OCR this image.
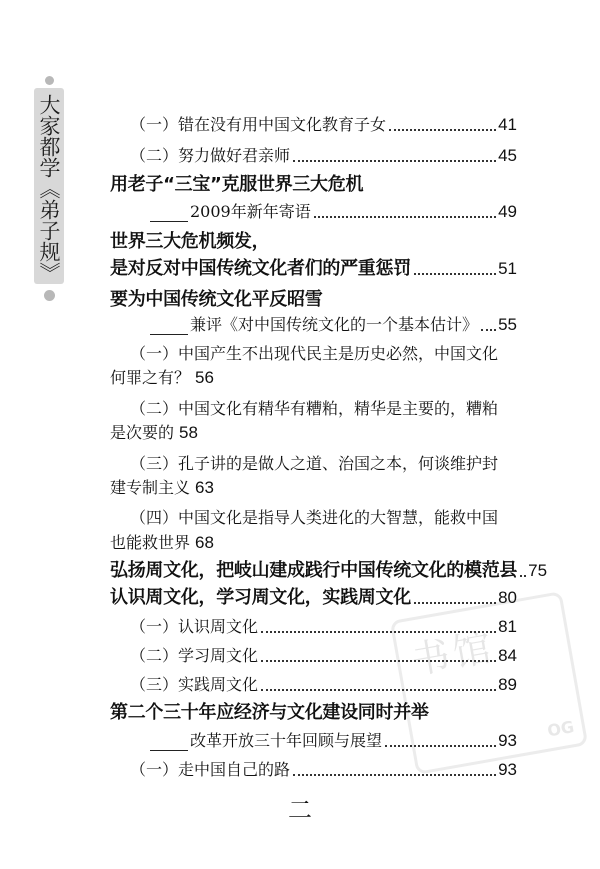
大家都学《弟子规》
书馆
OG
（一）错在没有用中国文化教育子女	41
（二）努力做好君亲师	45
用老子“三宝”克服世界三大危机
2009年新年寄语	49
世界三大危机频发，
是对反对中国传统文化者们的严重惩罚	51
要为中国传统文化平反昭雪
兼评《对中国传统文化的一个基本估计》 55
（一）中国产生不出现代民主是历史必然，中国文化
何罪之有？ 56
（二）中国文化有精华有糟粕，精华是主要的，糟粕
是次要的 58
（三）孔子讲的是做人之道、治国之本，何谈维护封
建专制主义 63
（四）中国文化是指导人类进化的大智慧，能救中国
也能救世界 68
弘扬周文化，把岐山建成践行中国传统文化的模范县 75
认识周文化，学习周文化，实践周文化	80
（一）认识周文化	81
（二）学习周文化	84
（三）实践周文化	89
第二个三十年应经济与文化建设同时并举
改革开放三十年回顾与展望	93
（一）走中国自己的路	93
二
